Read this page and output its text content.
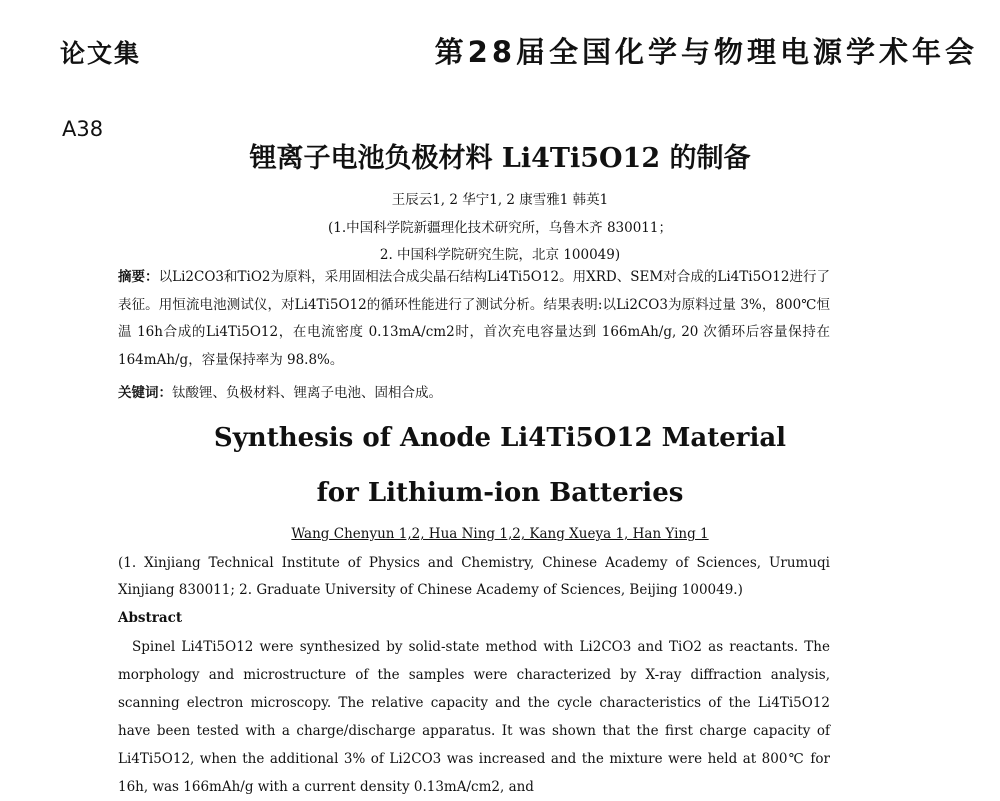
论文集	第28届全国化学与物理电源学术年会
A38
锂离子电池负极材料 Li4Ti5O12 的制备
王辰云1, 2 华宁1, 2 康雪雅1 韩英1
(1.中国科学院新疆理化技术研究所，乌鲁木齐 830011；
2. 中国科学院研究生院，北京 100049)
摘要：以Li2CO3和TiO2为原料，采用固相法合成尖晶石结构Li4Ti5O12。用XRD、SEM对合成的Li4Ti5O12进行了表征。用恒流电池测试仪，对Li4Ti5O12的循环性能进行了测试分析。结果表明:以Li2CO3为原料过量 3%，800℃恒温 16h合成的Li4Ti5O12，在电流密度 0.13mA/cm2时，首次充电容量达到 166mAh/g, 20 次循环后容量保持在 164mAh/g，容量保持率为 98.8%。
关键词：钛酸锂、负极材料、锂离子电池、固相合成。
Synthesis of Anode Li4Ti5O12 Material
for Lithium-ion Batteries
Wang Chenyun 1,2, Hua Ning 1,2, Kang Xueya 1, Han Ying 1
(1. Xinjiang Technical Institute of Physics and Chemistry, Chinese Academy of Sciences, Urumuqi Xinjiang 830011; 2. Graduate University of Chinese Academy of Sciences, Beijing 100049.)
Abstract
Spinel Li4Ti5O12 were synthesized by solid-state method with Li2CO3 and TiO2 as reactants. The morphology and microstructure of the samples were characterized by X-ray diffraction analysis, scanning electron microscopy. The relative capacity and the cycle characteristics of the Li4Ti5O12 have been tested with a charge/discharge apparatus. It was shown that the first charge capacity of Li4Ti5O12, when the additional 3% of Li2CO3 was increased and the mixture were held at 800℃ for 16h, was 166mAh/g with a current density 0.13mA/cm2, and
